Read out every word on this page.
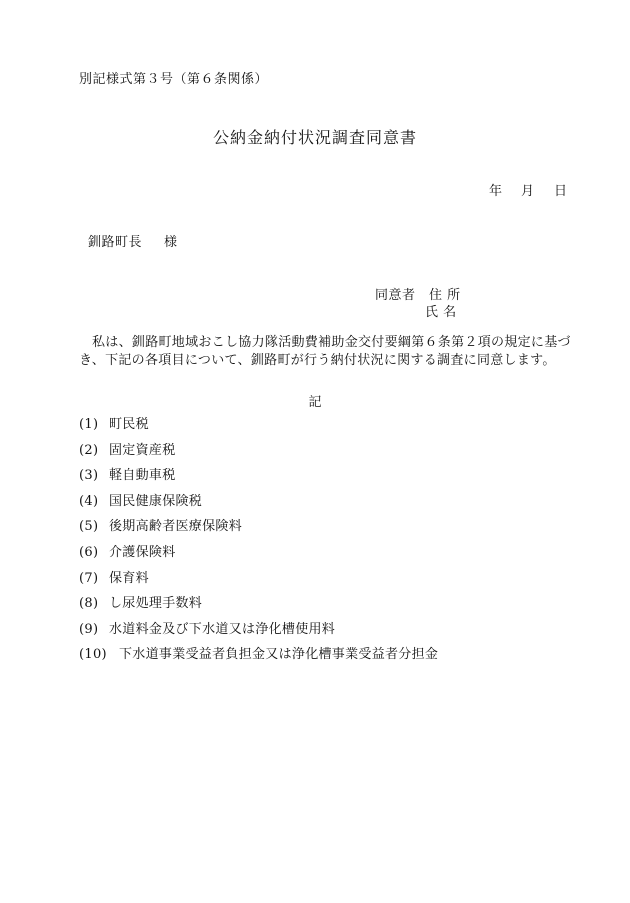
別記様式第３号（第６条関係）
公納金納付状況調査同意書
年 月 日
釧路町長 様
同意者 住 所
氏 名
私は、釧路町地域おこし協力隊活動費補助金交付要綱第６条第２項の規定に基づき、下記の各項目について、釧路町が行う納付状況に関する調査に同意します。
記
(1) 町民税
(2) 固定資産税
(3) 軽自動車税
(4) 国民健康保険税
(5) 後期高齢者医療保険料
(6) 介護保険料
(7) 保育料
(8) し尿処理手数料
(9) 水道料金及び下水道又は浄化槽使用料
(10) 下水道事業受益者負担金又は浄化槽事業受益者分担金
